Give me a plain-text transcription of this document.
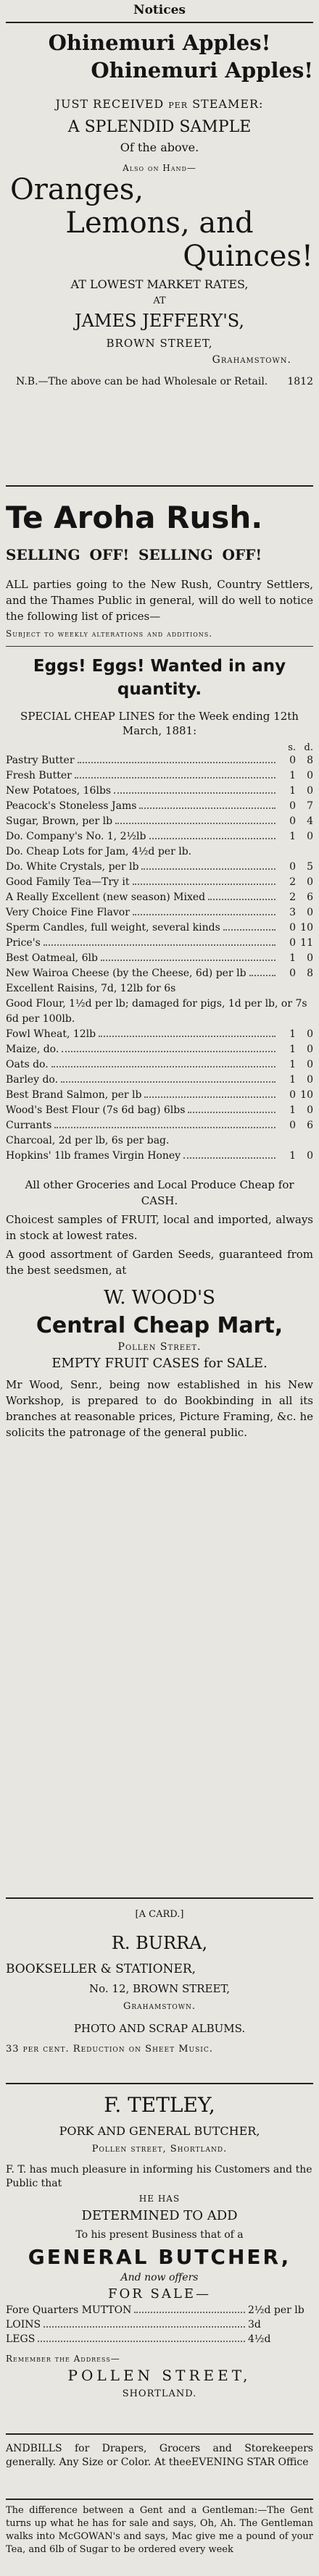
Notices
Ohinemuri Apples!
Ohinemuri Apples!
JUST RECEIVED per STEAMER:
A SPLENDID SAMPLE
Of the above.
Also on Hand—
Oranges,
Lemons, and
Quinces!
AT LOWEST MARKET RATES,
AT
JAMES JEFFERY'S,
BROWN STREET,
Grahamstown.
N.B.—The above can be had Wholesale or Retail. 1812
Te Aroha Rush.
SELLING OFF! SELLING OFF!
ALL parties going to the New Rush, Country Settlers, and the Thames Public in general, will do well to notice the following list of prices—
Subject to weekly alterations and additions.
Eggs! Eggs! Wanted in any
quantity.
SPECIAL CHEAP LINES for the Week ending 12th March, 1881:
s. d.
Pastry Butter	0	8
Fresh Butter	1	0
New Potatoes, 16lbs	1	0
Peacock's Stoneless Jams	0	7
Sugar, Brown, per lb	0	4
Do. Company's No. 1, 2½lb	1	0
Do. Cheap Lots for Jam, 4½d per lb.
Do. White Crystals, per lb	0	5
Good Family Tea—Try it	2	0
A Really Excellent (new season) Mixed	2	6
Very Choice Fine Flavor	3	0
Sperm Candles, full weight, several kinds	0 10
Price's	0 11
Best Oatmeal, 6lb	1	0
New Wairoa Cheese (by the Cheese, 6d) per lb	0	8
Excellent Raisins, 7d, 12lb for 6s
Good Flour, 1½d per lb; damaged for pigs, 1d per lb, or 7s 6d per 100lb.
Fowl Wheat, 12lb	1	0
Maize, do.	1	0
Oats do.	1	0
Barley do.	1	0
Best Brand Salmon, per lb	0 10
Wood's Best Flour (7s 6d bag) 6lbs	1	0
Currants	0	6
Charcoal, 2d per lb, 6s per bag.
Hopkins' 1lb frames Virgin Honey	1	0
All other Groceries and Local Produce Cheap for CASH.
Choicest samples of FRUIT, local and imported, always in stock at lowest rates.
A good assortment of Garden Seeds, guaranteed from the best seedsmen, at
W. WOOD'S
Central Cheap Mart,
Pollen Street.
EMPTY FRUIT CASES for SALE.
Mr Wood, Senr., being now established in his New Workshop, is prepared to do Bookbinding in all its branches at reasonable prices, Picture Framing, &c. he solicits the patronage of the general public.
[A CARD.]
R. BURRA,
BOOKSELLER & STATIONER,
No. 12, BROWN STREET,
Grahamstown.
PHOTO AND SCRAP ALBUMS.
33 per cent. Reduction on Sheet Music.
F. TETLEY,
PORK AND GENERAL BUTCHER,
Pollen street, Shortland.
F. T. has much pleasure in informing his Customers and the Public that
HE HAS
DETERMINED TO ADD
To his present Business that of a
GENERAL BUTCHER,
And now offers
FOR SALE—
Fore Quarters MUTTON	2½d per lb
LOINS	3d
LEGS	4½d
Remember the Address—
POLLEN STREET,
SHORTLAND.
ANDBILLS for Drapers, Grocers and Storekeepers generally. Any Size or Color. At theeEVENING STAR Office
The difference between a Gent and a Gentleman:—The Gent turns up what he has for sale and says, Oh, Ah. The Gentleman walks into McGOWAN's and says, Mac give me a pound of your Tea, and 6lb of Sugar to be ordered every week
